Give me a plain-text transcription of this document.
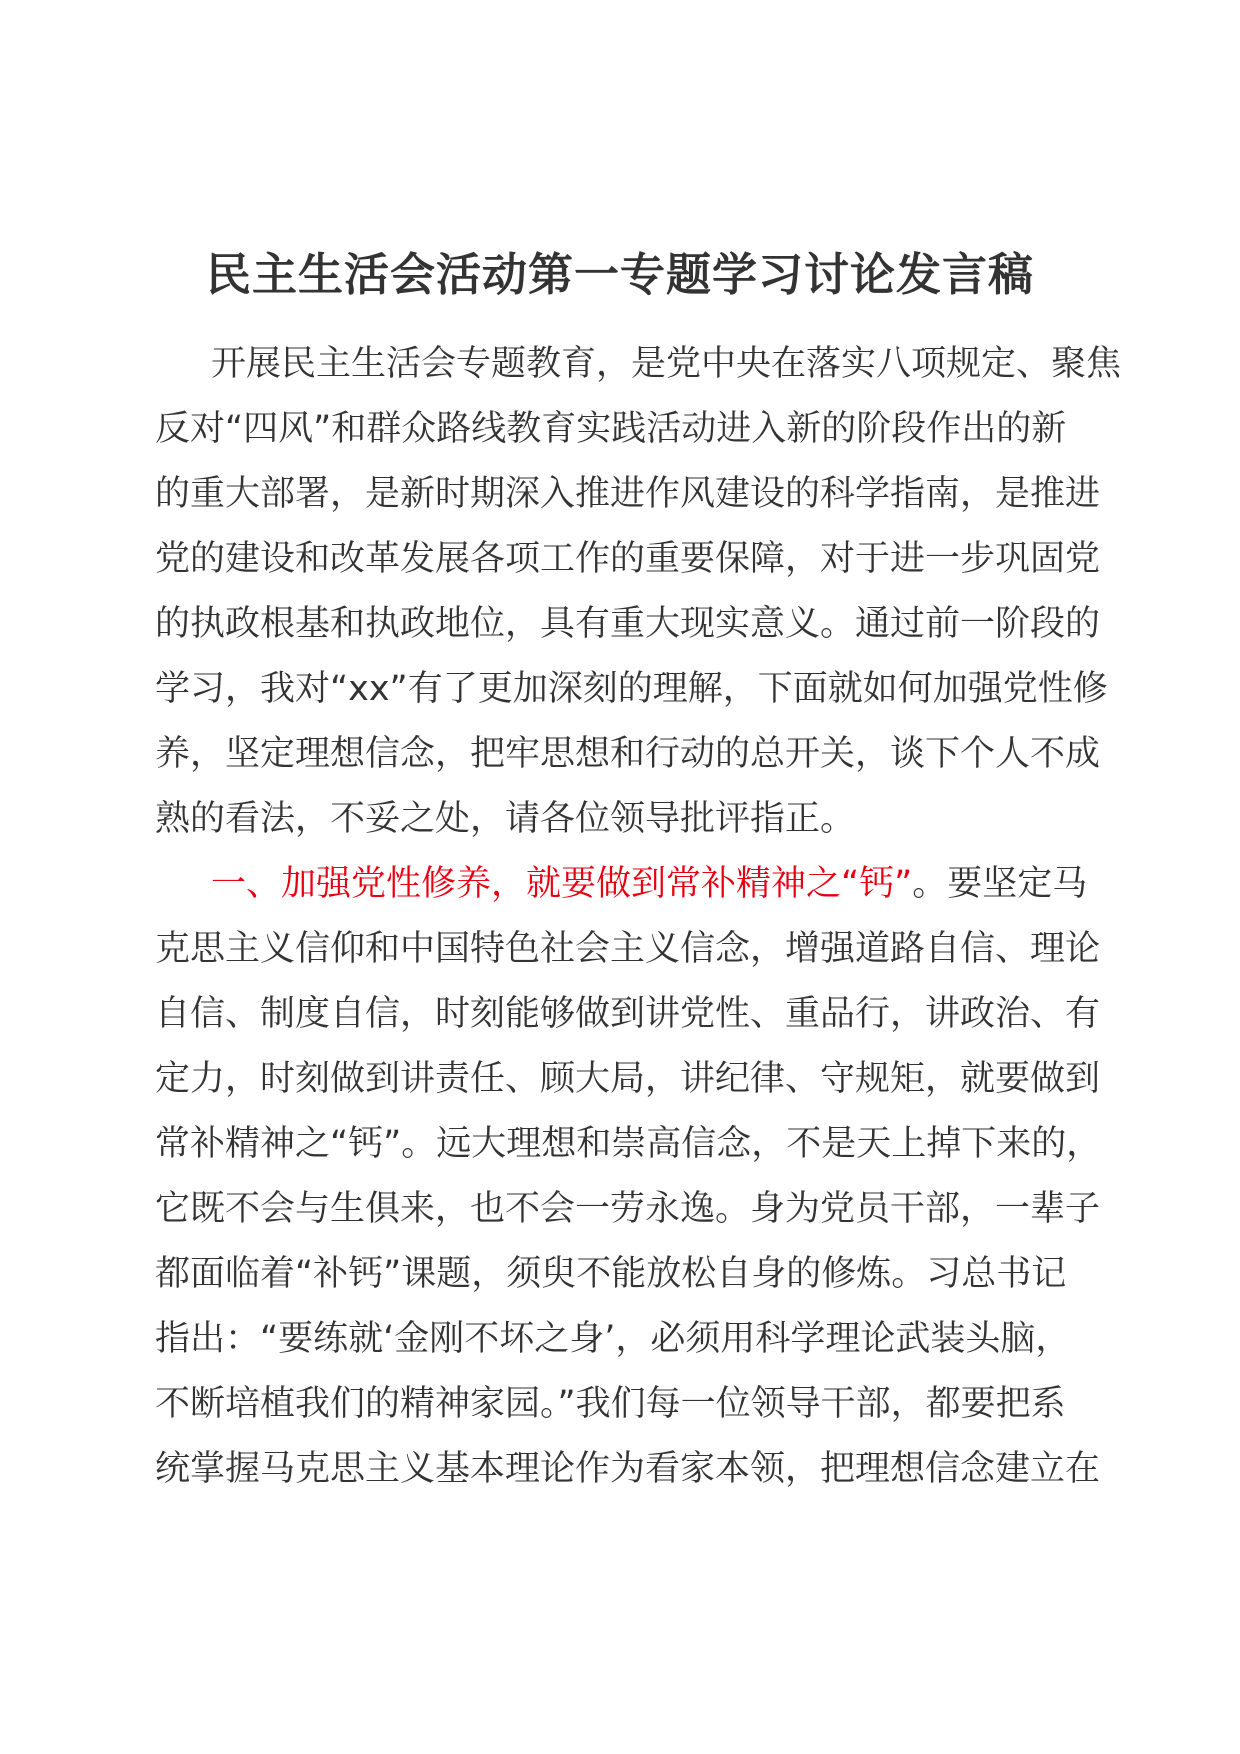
民主生活会活动第一专题学习讨论发言稿
开展民主生活会专题教育，是党中央在落实八项规定、聚焦
反对“四风”和群众路线教育实践活动进入新的阶段作出的新
的重大部署，是新时期深入推进作风建设的科学指南，是推进
党的建设和改革发展各项工作的重要保障，对于进一步巩固党
的执政根基和执政地位，具有重大现实意义。通过前一阶段的
学习，我对“xx”有了更加深刻的理解，下面就如何加强党性修
养，坚定理想信念，把牢思想和行动的总开关，谈下个人不成
熟的看法，不妥之处，请各位领导批评指正。
一、加强党性修养，就要做到常补精神之“钙”。要坚定马
克思主义信仰和中国特色社会主义信念，增强道路自信、理论
自信、制度自信，时刻能够做到讲党性、重品行，讲政治、有
定力，时刻做到讲责任、顾大局，讲纪律、守规矩，就要做到
常补精神之“钙”。远大理想和崇高信念，不是天上掉下来的，
它既不会与生俱来，也不会一劳永逸。身为党员干部，一辈子
都面临着“补钙”课题，须臾不能放松自身的修炼。习总书记
指出：“要练就‘金刚不坏之身’，必须用科学理论武装头脑，
不断培植我们的精神家园。”我们每一位领导干部，都要把系
统掌握马克思主义基本理论作为看家本领，把理想信念建立在
